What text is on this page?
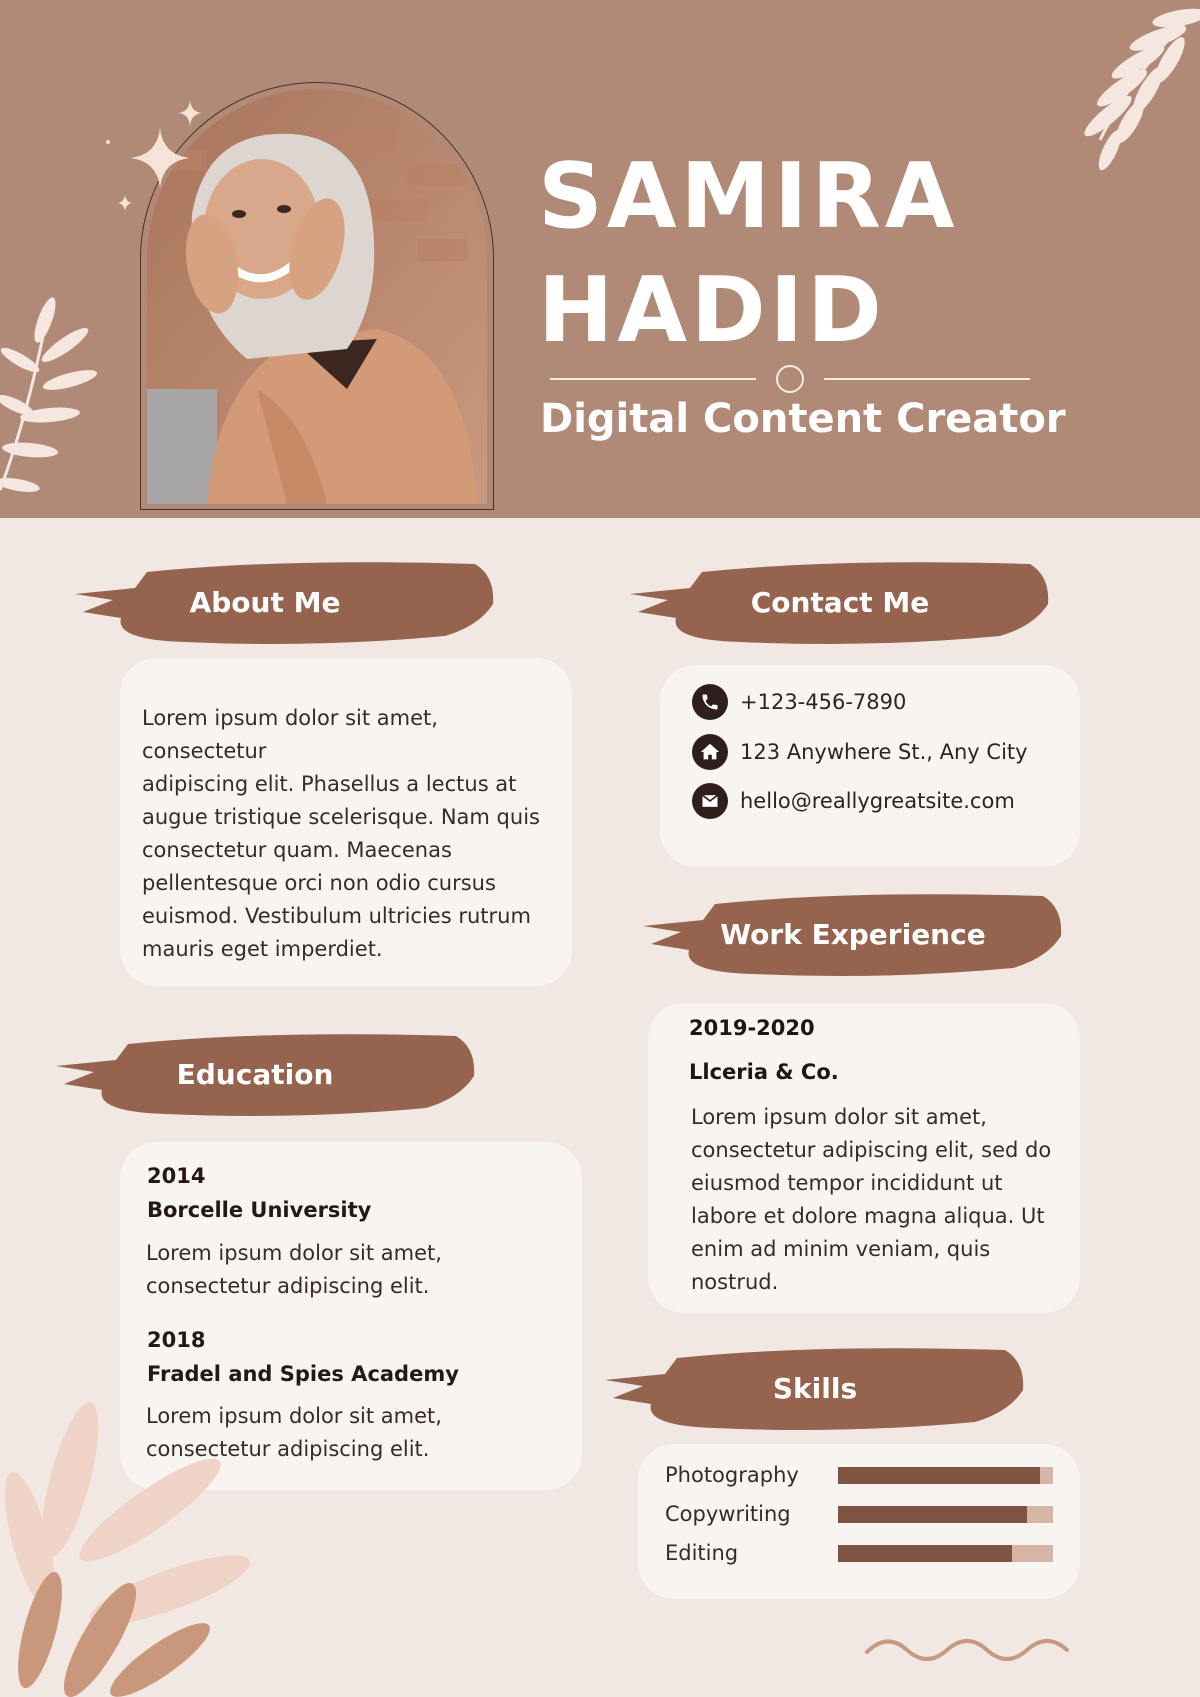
SAMIRA
HADID
Digital Content Creator
About Me
Lorem ipsum dolor sit amet, consectetur
adipiscing elit. Phasellus a lectus at
augue tristique scelerisque. Nam quis
consectetur quam. Maecenas
pellentesque orci non odio cursus
euismod. Vestibulum ultricies rutrum
mauris eget imperdiet.
Education
2014
Borcelle University
Lorem ipsum dolor sit amet,
consectetur adipiscing elit.
2018
Fradel and Spies Academy
Lorem ipsum dolor sit amet,
consectetur adipiscing elit.
Contact Me
+123-456-7890
123 Anywhere St., Any City
hello@reallygreatsite.com
Work Experience
2019-2020
Llceria & Co.
Lorem ipsum dolor sit amet,
consectetur adipiscing elit, sed do
eiusmod tempor incididunt ut
labore et dolore magna aliqua. Ut
enim ad minim veniam, quis
nostrud.
Skills
Photography
Copywriting
Editing
